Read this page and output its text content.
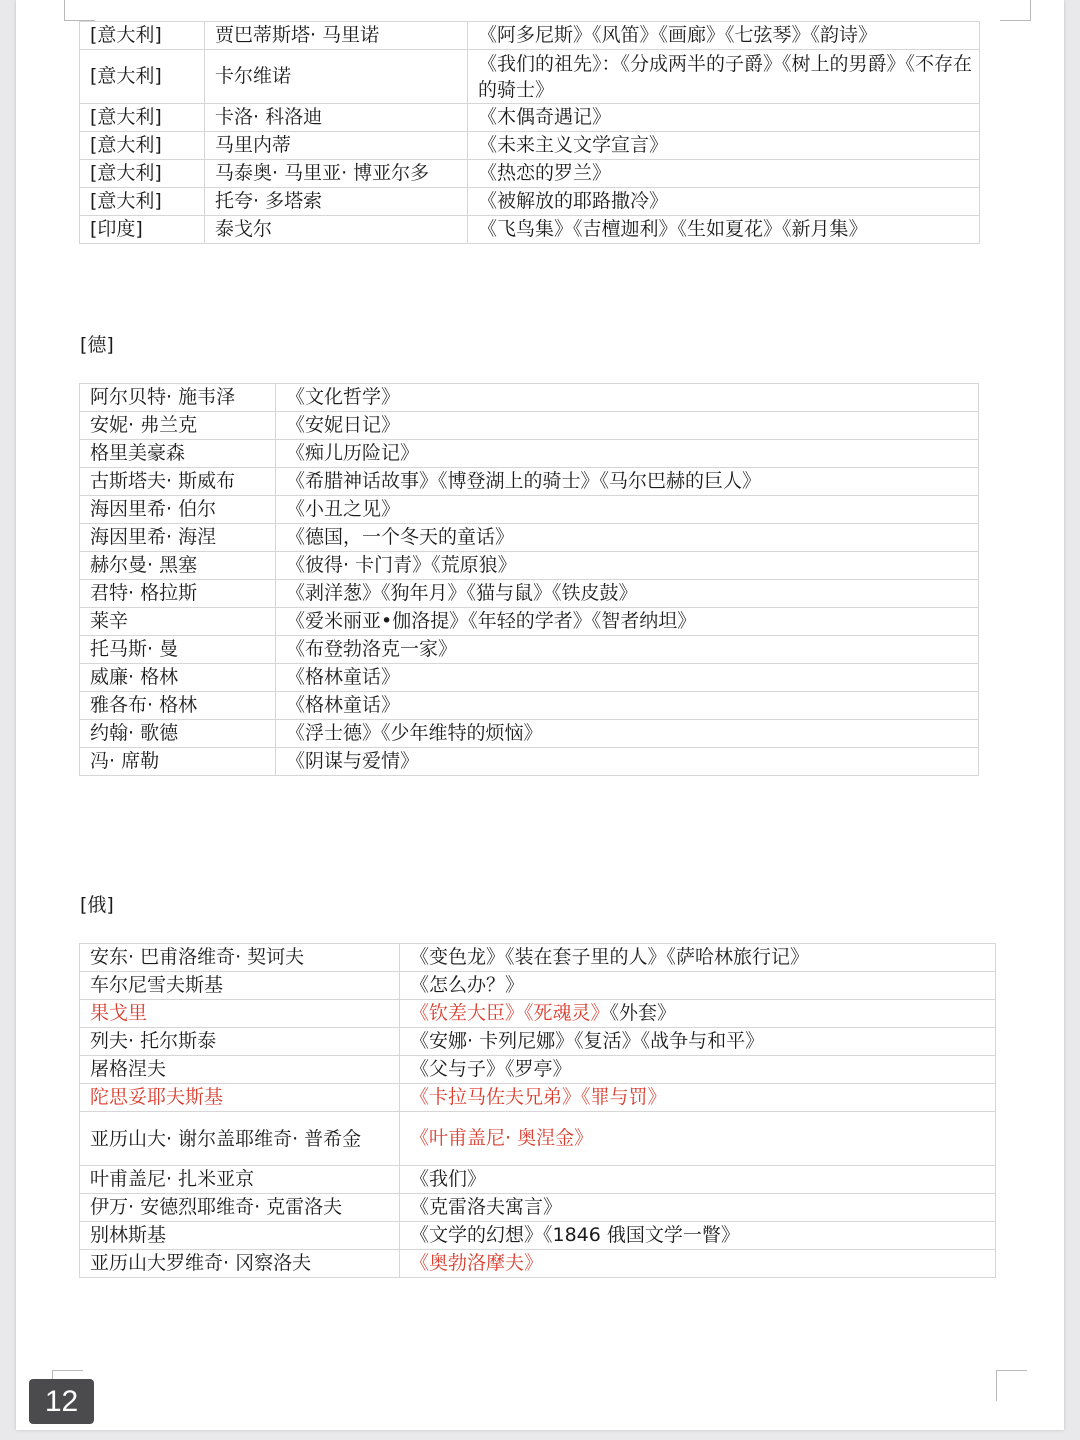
[意大利]	贾巴蒂斯塔· 马里诺	《阿多尼斯》《风笛》《画廊》《七弦琴》《韵诗》
[意大利]	卡尔维诺	《我们的祖先》：《分成两半的子爵》《树上的男爵》《不存在的骑士》
[意大利]	卡洛· 科洛迪	《木偶奇遇记》
[意大利]	马里内蒂	《未来主义文学宣言》
[意大利]	马泰奥· 马里亚· 博亚尔多	《热恋的罗兰》
[意大利]	托夸· 多塔索	《被解放的耶路撒冷》
[印度]	泰戈尔	《飞鸟集》《吉檀迦利》《生如夏花》《新月集》
[德]
阿尔贝特· 施韦泽	《文化哲学》
安妮· 弗兰克	《安妮日记》
格里美豪森	《痴儿历险记》
古斯塔夫· 斯威布	《希腊神话故事》《博登湖上的骑士》《马尔巴赫的巨人》
海因里希· 伯尔	《小丑之见》
海因里希· 海涅	《德国，一个冬天的童话》
赫尔曼· 黑塞	《彼得· 卡门青》《荒原狼》
君特· 格拉斯	《剥洋葱》《狗年月》《猫与鼠》《铁皮鼓》
莱辛	《爱米丽亚•伽洛提》《年轻的学者》《智者纳坦》
托马斯· 曼	《布登勃洛克一家》
威廉· 格林	《格林童话》
雅各布· 格林	《格林童话》
约翰· 歌德	《浮士德》《少年维特的烦恼》
冯· 席勒	《阴谋与爱情》
[俄]
安东· 巴甫洛维奇· 契诃夫	《变色龙》《装在套子里的人》《萨哈林旅行记》
车尔尼雪夫斯基	《怎么办？》
果戈里	《钦差大臣》《死魂灵》《外套》
列夫· 托尔斯泰	《安娜· 卡列尼娜》《复活》《战争与和平》
屠格涅夫	《父与子》《罗亭》
陀思妥耶夫斯基	《卡拉马佐夫兄弟》《罪与罚》
亚历山大· 谢尔盖耶维奇· 普希金	《叶甫盖尼· 奥涅金》
叶甫盖尼· 扎米亚京	《我们》
伊万· 安德烈耶维奇· 克雷洛夫	《克雷洛夫寓言》
别林斯基	《文学的幻想》《1846 俄国文学一瞥》
亚历山大罗维奇· 冈察洛夫	《奥勃洛摩夫》
12
